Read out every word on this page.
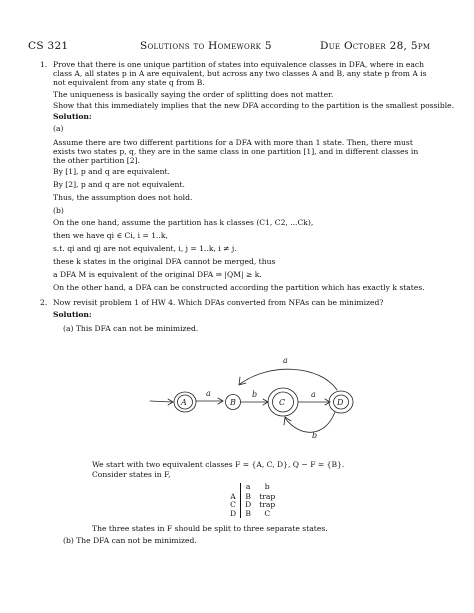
CS 321	Solutions to Homework 5	Due October 28, 5pm
1. Prove that there is one unique partition of states into equivalence classes in DFA, where in each class A, all states p in A are equivalent, but across any two classes A and B, any state p from A is not equivalent from any state q from B.
The uniqueness is basically saying the order of splitting does not matter.
Show that this immediately implies that the new DFA according to the partition is the smallest possible.
Solution:
(a)
Assume there are two different partitions for a DFA with more than 1 state. Then, there must exists two states p, q, they are in the same class in one partition [1], and in different classes in the other partition [2].
By [1], p and q are equivalent.
By [2], p and q are not equivalent.
Thus, the assumption does not hold.
(b)
On the one hand, assume the partition has k classes (C1, C2, ...Ck),
then we have qi ∈ Ci, i = 1..k,
s.t. qi and qj are not equivalent, i, j = 1..k, i ≠ j.
these k states in the original DFA cannot be merged, thus
a DFA M is equivalent of the original DFA ⇒ |QM| ≥ k.
On the other hand, a DFA can be constructed according the partition which has exactly k states.
2. Now revisit problem 1 of HW 4. Which DFAs converted from NFAs can be minimized?
Solution:
(a) This DFA can not be minimized.
A	B	C	D
a	b	a
a
b
We start with two equivalent classes F = {A, C, D}, Q − F = {B}.
Consider states in F,
	a	b
A	B	trap
C	D	trap
D	B	C
The three states in F should be split to three separate states.
(b) The DFA can not be minimized.
